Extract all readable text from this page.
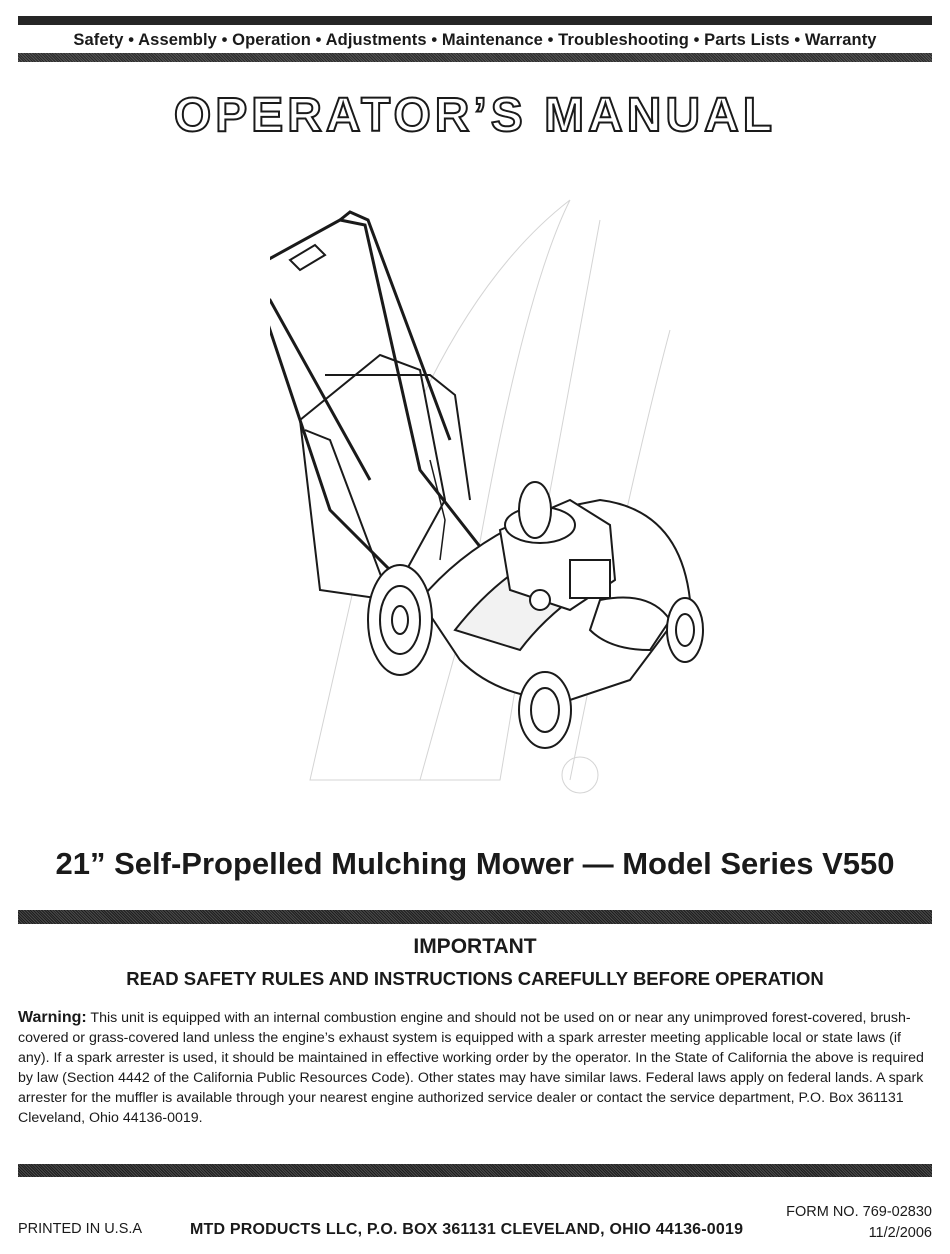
Safety • Assembly • Operation • Adjustments • Maintenance • Troubleshooting • Parts Lists • Warranty
OPERATOR’S MANUAL
21” Self-Propelled Mulching Mower — Model Series V550
IMPORTANT
READ SAFETY RULES AND INSTRUCTIONS CAREFULLY BEFORE OPERATION
Warning: This unit is equipped with an internal combustion engine and should not be used on or near any unimproved forest-covered, brush-covered or grass-covered land unless the engine’s exhaust system is equipped with a spark arrester meeting applicable local or state laws (if any). If a spark arrester is used, it should be maintained in effective working order by the operator. In the State of California the above is required by law (Section 4442 of the California Public Resources Code). Other states may have similar laws. Federal laws apply on federal lands. A spark arrester for the muffler is available through your nearest engine authorized service dealer or contact the service department, P.O. Box 361131 Cleveland, Ohio 44136-0019.
FORM NO. 769-02830
PRINTED IN U.S.A	MTD PRODUCTS LLC, P.O. BOX 361131 CLEVELAND, OHIO 44136-0019	11/2/2006
